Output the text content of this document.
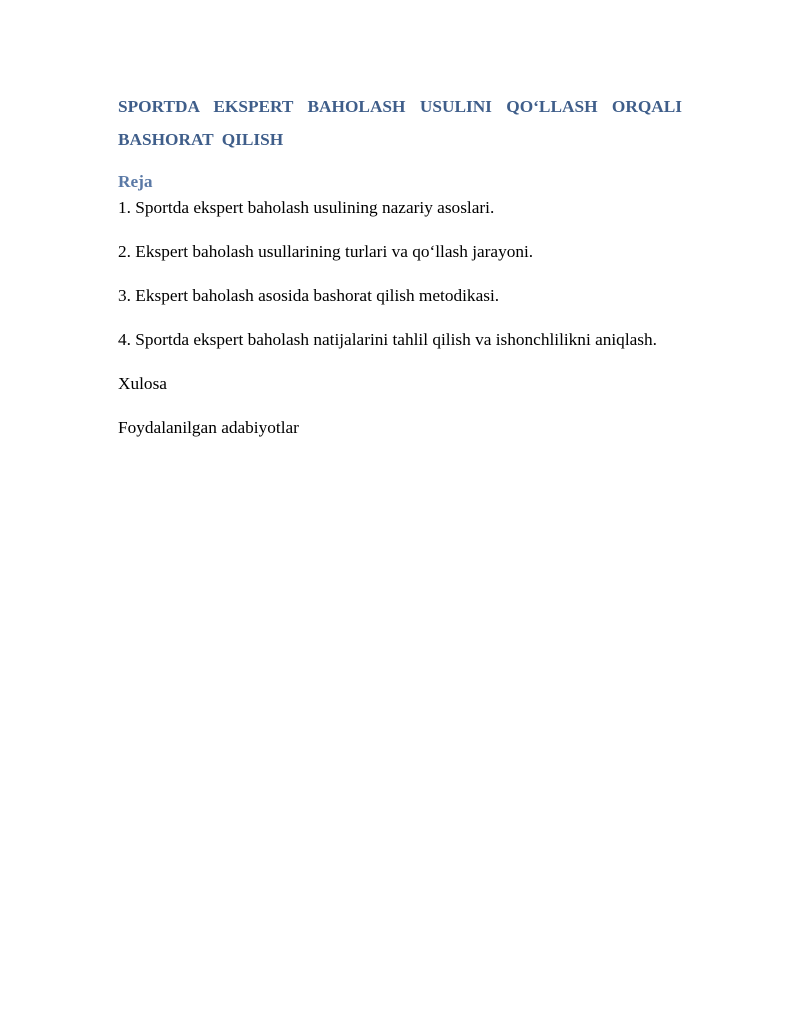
SPORTDA EKSPERT BAHOLASH USULINI QO‘LLASH ORQALI BASHORAT QILISH
Reja

1. Sportda ekspert baholash usulining nazariy asoslari.

2. Ekspert baholash usullarining turlari va qo‘llash jarayoni.

3. Ekspert baholash asosida bashorat qilish metodikasi.

4. Sportda ekspert baholash natijalarini tahlil qilish va ishonchlilikni aniqlash.

Xulosa

Foydalanilgan adabiyotlar
